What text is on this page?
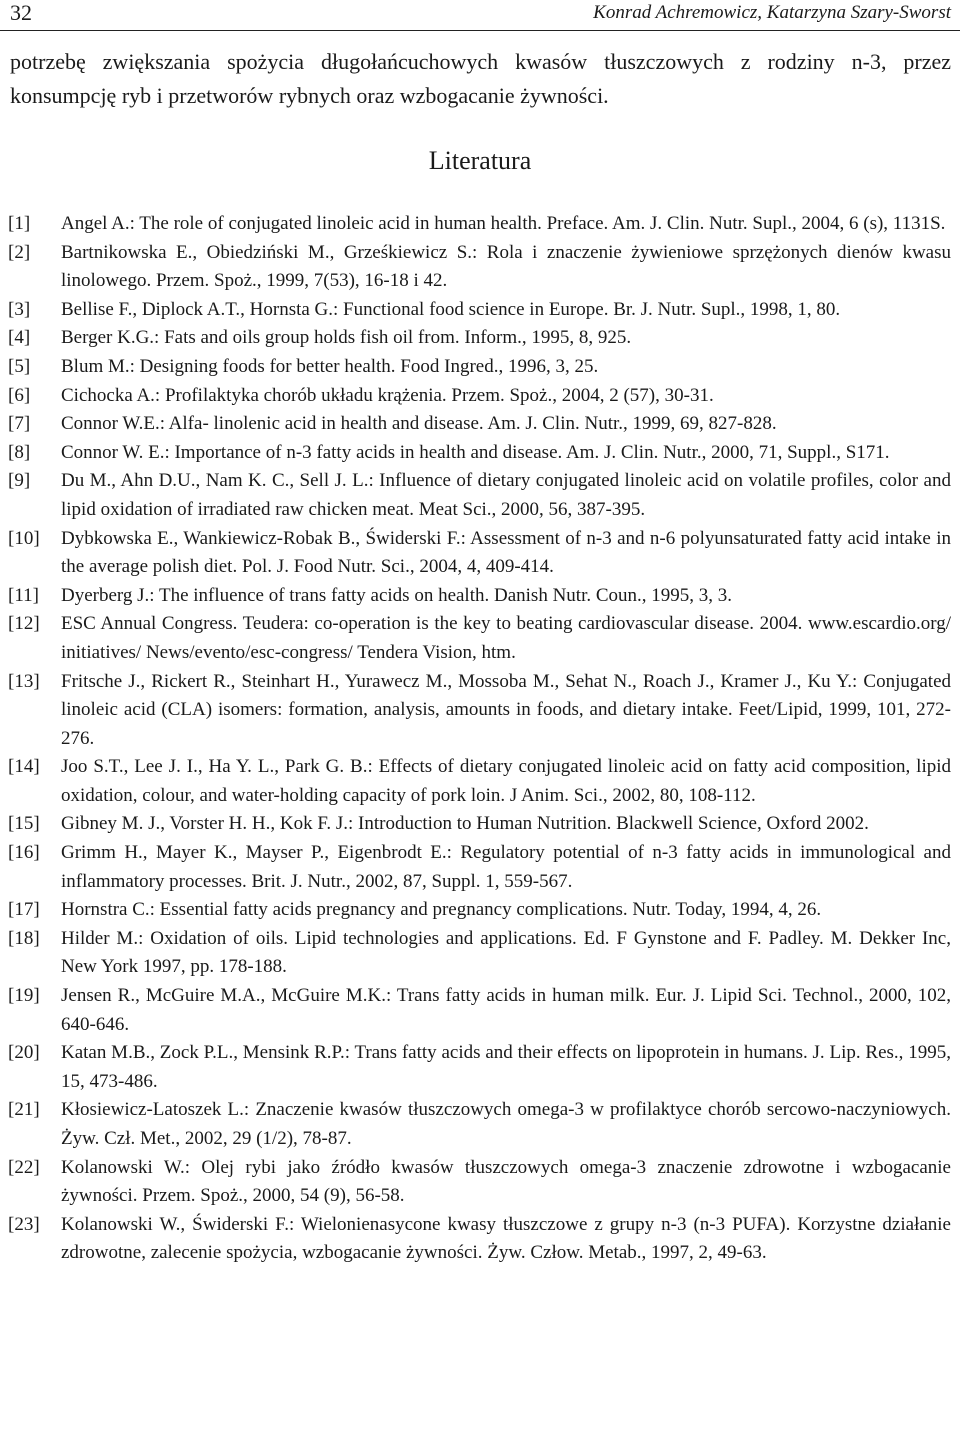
32	Konrad Achremowicz, Katarzyna Szary-Sworst

potrzebę zwiększania spożycia długołańcuchowych kwasów tłuszczowych z rodziny n-3, przez konsumpcję ryb i przetworów rybnych oraz wzbogacanie żywności.

Literatura
[1] Angel A.: The role of conjugated linoleic acid in human health. Preface. Am. J. Clin. Nutr. Supl., 2004, 6 (s), 1131S.
[2] Bartnikowska E., Obiedziński M., Grześkiewicz S.: Rola i znaczenie żywieniowe sprzężonych dienów kwasu linolowego. Przem. Spoż., 1999, 7(53), 16-18 i 42.
[3] Bellise F., Diplock A.T., Hornsta G.: Functional food science in Europe. Br. J. Nutr. Supl., 1998, 1, 80.
[4] Berger K.G.: Fats and oils group holds fish oil from. Inform., 1995, 8, 925.
[5] Blum M.: Designing foods for better health. Food Ingred., 1996, 3, 25.
[6] Cichocka A.: Profilaktyka chorób układu krążenia. Przem. Spoż., 2004, 2 (57), 30-31.
[7] Connor W.E.: Alfa- linolenic acid in health and disease. Am. J. Clin. Nutr., 1999, 69, 827-828.
[8] Connor W. E.: Importance of n-3 fatty acids in health and disease. Am. J. Clin. Nutr., 2000, 71, Suppl., S171.
[9] Du M., Ahn D.U., Nam K. C., Sell J. L.: Influence of dietary conjugated linoleic acid on volatile profiles, color and lipid oxidation of irradiated raw chicken meat. Meat Sci., 2000, 56, 387-395.
[10] Dybkowska E., Wankiewicz-Robak B., Świderski F.: Assessment of n-3 and n-6 polyunsaturated fatty acid intake in the average polish diet. Pol. J. Food Nutr. Sci., 2004, 4, 409-414.
[11] Dyerberg J.: The influence of trans fatty acids on health. Danish Nutr. Coun., 1995, 3, 3.
[12] ESC Annual Congress. Teudera: co-operation is the key to beating cardiovascular disease. 2004. www.escardio.org/ initiatives/ News/evento/esc-congress/ Tendera Vision, htm.
[13] Fritsche J., Rickert R., Steinhart H., Yurawecz M., Mossoba M., Sehat N., Roach J., Kramer J., Ku Y.: Conjugated linoleic acid (CLA) isomers: formation, analysis, amounts in foods, and dietary intake. Feet/Lipid, 1999, 101, 272-276.
[14] Joo S.T., Lee J. I., Ha Y. L., Park G. B.: Effects of dietary conjugated linoleic acid on fatty acid composition, lipid oxidation, colour, and water-holding capacity of pork loin. J Anim. Sci., 2002, 80, 108-112.
[15] Gibney M. J., Vorster H. H., Kok F. J.: Introduction to Human Nutrition. Blackwell Science, Oxford 2002.
[16] Grimm H., Mayer K., Mayser P., Eigenbrodt E.: Regulatory potential of n-3 fatty acids in immunological and inflammatory processes. Brit. J. Nutr., 2002, 87, Suppl. 1, 559-567.
[17] Hornstra C.: Essential fatty acids pregnancy and pregnancy complications. Nutr. Today, 1994, 4, 26.
[18] Hilder M.: Oxidation of oils. Lipid technologies and applications. Ed. F Gynstone and F. Padley. M. Dekker Inc, New York 1997, pp. 178-188.
[19] Jensen R., McGuire M.A., McGuire M.K.: Trans fatty acids in human milk. Eur. J. Lipid Sci. Technol., 2000, 102, 640-646.
[20] Katan M.B., Zock P.L., Mensink R.P.: Trans fatty acids and their effects on lipoprotein in humans. J. Lip. Res., 1995, 15, 473-486.
[21] Kłosiewicz-Latoszek L.: Znaczenie kwasów tłuszczowych omega-3 w profilaktyce chorób sercowo-naczyniowych. Żyw. Czł. Met., 2002, 29 (1/2), 78-87.
[22] Kolanowski W.: Olej rybi jako źródło kwasów tłuszczowych omega-3 znaczenie zdrowotne i wzbogacanie żywności. Przem. Spoż., 2000, 54 (9), 56-58.
[23] Kolanowski W., Świderski F.: Wielonienasycone kwasy tłuszczowe z grupy n-3 (n-3 PUFA). Korzystne działanie zdrowotne, zalecenie spożycia, wzbogacanie żywności. Żyw. Człow. Metab., 1997, 2, 49-63.
